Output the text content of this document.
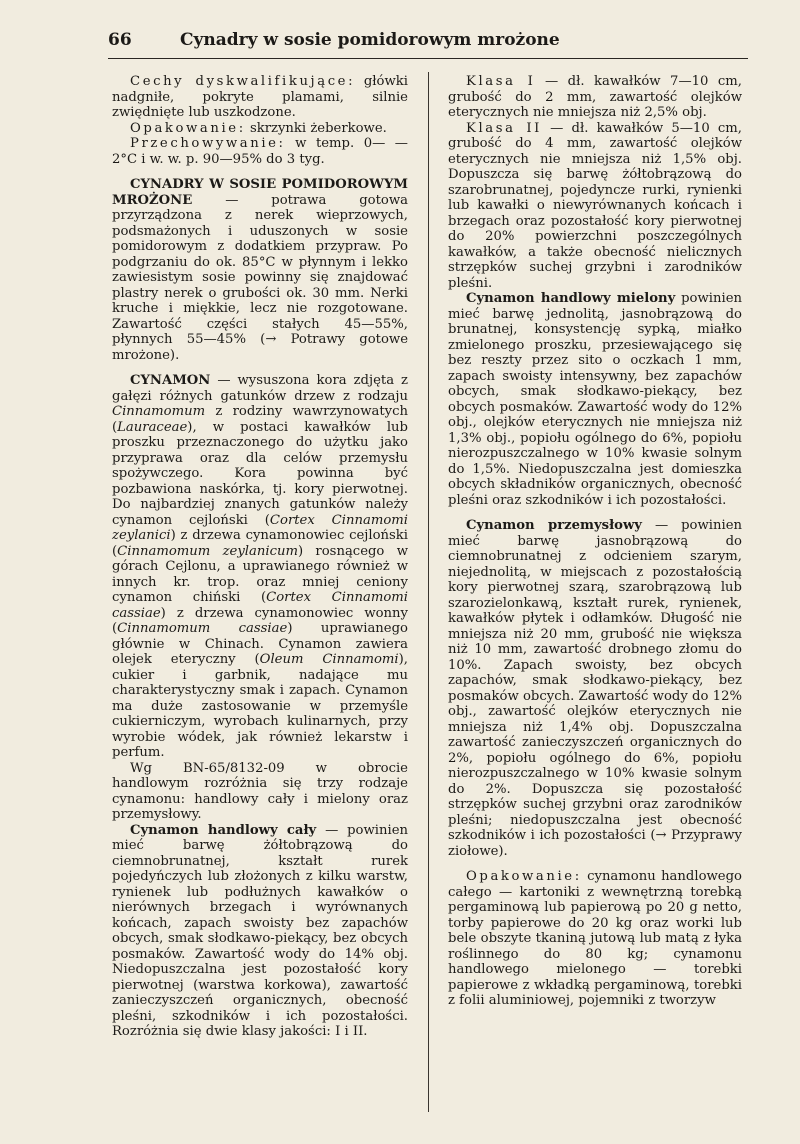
66	Cynadry w sosie pomidorowym mrożone

Cechy dyskwalifikujące: główki nadgniłe, pokryte plamami, silnie zwiędnięte lub uszkodzone.

Opakowanie: skrzynki żeberkowe.

Przechowywanie: w temp. 0— —2°C i w. w. p. 90—95% do 3 tyg.

CYNADRY W SOSIE POMIDOROWYM MROŻONE — potrawa gotowa przyrządzona z nerek wieprzowych, podsmażonych i uduszonych w sosie pomidorowym z dodatkiem przypraw. Po podgrzaniu do ok. 85°C w płynnym i lekko zawiesistym sosie powinny się znajdować plastry nerek o grubości ok. 30 mm. Nerki kruche i miękkie, lecz nie rozgotowane. Zawartość części stałych 45—55%, płynnych 55—45% (→ Potrawy gotowe mrożone).

CYNAMON — wysuszona kora zdjęta z gałęzi różnych gatunków drzew z rodzaju Cinnamomum z rodziny wawrzynowatych (Lauraceae), w postaci kawałków lub proszku przeznaczonego do użytku jako przyprawa oraz dla celów przemysłu spożywczego. Kora powinna być pozbawiona naskórka, tj. kory pierwotnej. Do najbardziej znanych gatunków należy cynamon cejloński (Cortex Cinnamomi zeylanici) z drzewa cynamonowiec cejloński (Cinnamomum zeylanicum) rosnącego w górach Cejlonu, a uprawianego również w innych kr. trop. oraz mniej ceniony cynamon chiński (Cortex Cinnamomi cassiae) z drzewa cynamonowiec wonny (Cinnamomum cassiae) uprawianego głównie w Chinach. Cynamon zawiera olejek eteryczny (Oleum Cinnamomi), cukier i garbnik, nadające mu charakterystyczny smak i zapach. Cynamon ma duże zastosowanie w przemyśle cukierniczym, wyrobach kulinarnych, przy wyrobie wódek, jak również lekarstw i perfum.

Wg BN-65/8132-09 w obrocie handlowym rozróżnia się trzy rodzaje cynamonu: handlowy cały i mielony oraz przemysłowy.

Cynamon handlowy cały — powinien mieć barwę żółtobrązową do ciemnobrunatnej, kształt rurek pojedyńczych lub złożonych z kilku warstw, rynienek lub podłużnych kawałków o nierównych brzegach i wyrównanych końcach, zapach swoisty bez zapachów obcych, smak słodkawo-piekący, bez obcych posmaków. Zawartość wody do 14% obj. Niedopuszczalna jest pozostałość kory pierwotnej (warstwa korkowa), zawartość zanieczyszczeń organicznych, obecność pleśni, szkodników i ich pozostałości. Rozróżnia się dwie klasy jakości: I i II.

Klasa I — dł. kawałków 7—10 cm, grubość do 2 mm, zawartość olejków eterycznych nie mniejsza niż 2,5% obj.

Klasa II — dł. kawałków 5—10 cm, grubość do 4 mm, zawartość olejków eterycznych nie mniejsza niż 1,5% obj. Dopuszcza się barwę żółtobrązową do szarobrunatnej, pojedyncze rurki, rynienki lub kawałki o niewyrównanych końcach i brzegach oraz pozostałość kory pierwotnej do 20% powierzchni poszczególnych kawałków, a także obecność nielicznych strzępków suchej grzybni i zarodników pleśni.

Cynamon handlowy mielony powinien mieć barwę jednolitą, jasnobrązową do brunatnej, konsystencję sypką, miałko zmielonego proszku, przesiewającego się bez reszty przez sito o oczkach 1 mm, zapach swoisty intensywny, bez zapachów obcych, smak słodkawo-piekący, bez obcych posmaków. Zawartość wody do 12% obj., olejków eterycznych nie mniejsza niż 1,3% obj., popiołu ogólnego do 6%, popiołu nierozpuszczalnego w 10% kwasie solnym do 1,5%. Niedopuszczalna jest domieszka obcych składników organicznych, obecność pleśni oraz szkodników i ich pozostałości.

Cynamon przemysłowy — powinien mieć barwę jasnobrązową do ciemnobrunatnej z odcieniem szarym, niejednolitą, w miejscach z pozostałością kory pierwotnej szarą, szarobrązową lub szarozielonkawą, kształt rurek, rynienek, kawałków płytek i odłamków. Długość nie mniejsza niż 20 mm, grubość nie większa niż 10 mm, zawartość drobnego złomu do 10%. Zapach swoisty, bez obcych zapachów, smak słodkawo-piekący, bez posmaków obcych. Zawartość wody do 12% obj., zawartość olejków eterycznych nie mniejsza niż 1,4% obj. Dopuszczalna zawartość zanieczyszczeń organicznych do 2%, popiołu ogólnego do 6%, popiołu nierozpuszczalnego w 10% kwasie solnym do 2%. Dopuszcza się pozostałość strzępków suchej grzybni oraz zarodników pleśni; niedopuszczalna jest obecność szkodników i ich pozostałości (→ Przyprawy ziołowe).

Opakowanie: cynamonu handlowego całego — kartoniki z wewnętrzną torebką pergaminową lub papierową po 20 g netto, torby papierowe do 20 kg oraz worki lub bele obszyte tkaniną jutową lub matą z łyka roślinnego do 80 kg; cynamonu handlowego mielonego — torebki papierowe z wkładką pergaminową, torebki z folii aluminiowej, pojemniki z tworzyw
